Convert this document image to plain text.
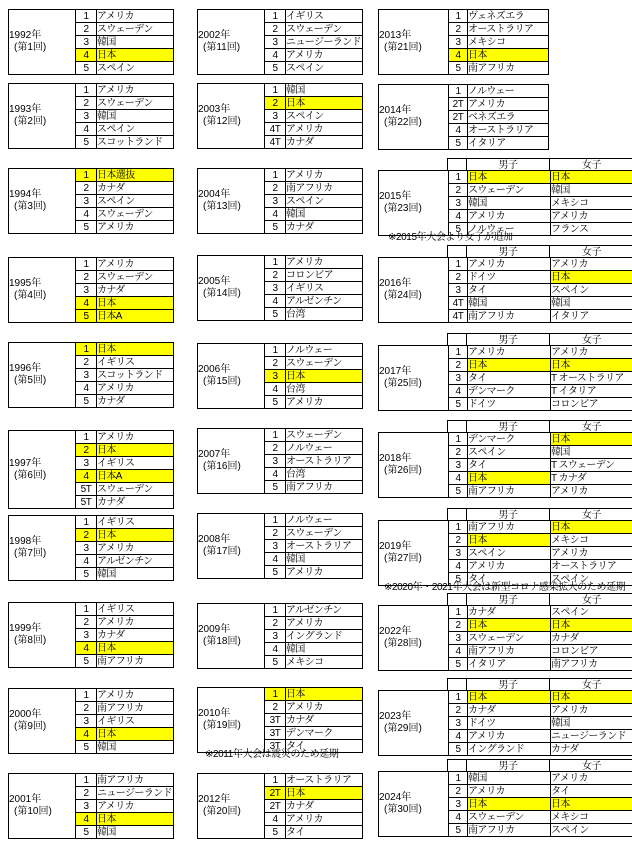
1992年
(第1回)	1	アメリカ
	2	スウェーデン
	3	韓国
	4	日本
	5	スペイン
1993年
(第2回)	1	アメリカ
	2	スウェーデン
	3	韓国
	4	スペイン
	5	スコットランド
1994年
(第3回)	1	日本選抜
	2	カナダ
	3	スペイン
	4	スウェーデン
	5	アメリカ
1995年
(第4回)	1	アメリカ
	2	スウェーデン
	3	カナダ
	4	日本
	5	日本A
1996年
(第5回)	1	日本
	2	イギリス
	3	スコットランド
	4	アメリカ
	5	カナダ
1997年
(第6回)	1	アメリカ
	2	日本
	3	イギリス
	4	日本A
	5T	スウェーデン
	5T	カナダ
1998年
(第7回)	1	イギリス
	2	日本
	3	アメリカ
	4	アルゼンチン
	5	韓国
1999年
(第8回)	1	イギリス
	2	アメリカ
	3	カナダ
	4	日本
	5	南アフリカ
2000年
(第9回)	1	アメリカ
	2	南アフリカ
	3	イギリス
	4	日本
	5	韓国
2001年
(第10回)	1	南アフリカ
	2	ニュージーランド
	3	アメリカ
	4	日本
	5	韓国
2002年
(第11回)	1	イギリス
	2	スウェーデン
	3	ニュージーランド
	4	アメリカ
	5	スペイン
2003年
(第12回)	1	韓国
	2	日本
	3	スペイン
	4T	アメリカ
	4T	カナダ
2004年
(第13回)	1	アメリカ
	2	南アフリカ
	3	スペイン
	4	韓国
	5	カナダ
2005年
(第14回)	1	アメリカ
	2	コロンビア
	3	イギリス
	4	アルゼンチン
	5	台湾
2006年
(第15回)	1	ノルウェー
	2	スウェーデン
	3	日本
	4	台湾
	5	アメリカ
2007年
(第16回)	1	スウェーデン
	2	ノルウェー
	3	オーストラリア
	4	台湾
	5	南アフリカ
2008年
(第17回)	1	ノルウェー
	2	スウェーデン
	3	オーストラリア
	4	韓国
	5	アメリカ
2009年
(第18回)	1	アルゼンチン
	2	アメリカ
	3	イングランド
	4	韓国
	5	メキシコ
2010年
(第19回)	1	日本
	2	アメリカ
	3T	カナダ
	3T	デンマーク
	3T	タイ
※2011年大会は震災のため延期
2012年
(第20回)	1	オーストラリア
	2T	日本
	2T	カナダ
	4	アメリカ
	5	タイ
2013年
(第21回)	1	ヴェネズエラ
	2	オーストラリア
	3	メキシコ
	4	日本
	5	南アフリカ
2014年
(第22回)	1	ノルウェー
	2T	アメリカ
	2T	ベネズエラ
	4	オーストラリア
	5	イタリア
	男子	女子
2015年
(第23回)	1	日本	日本
	2	スウェーデン	韓国
	3	韓国	メキシコ
	4	アメリカ	アメリカ
	5	ノルウェー	フランス
※2015年大会より女子が追加
	男子	女子
2016年
(第24回)	1	アメリカ	アメリカ
	2	ドイツ	日本
	3	タイ	スペイン
	4T	韓国	韓国
	4T	南アフリカ	イタリア
	男子	女子
2017年
(第25回)	1	アメリカ	アメリカ
	2	日本	日本
	3	タイ	T オーストラリア
	4	デンマーク	T イタリア
	5	ドイツ	コロンビア
	男子	女子
2018年
(第26回)	1	デンマーク	日本
	2	スペイン	韓国
	3	タイ	T スウェーデン
	4	日本	T カナダ
	5	南アフリカ	アメリカ
	男子	女子
2019年
(第27回)	1	南アフリカ	日本
	2	日本	メキシコ
	3	スペイン	アメリカ
	4	アメリカ	オーストラリア
	5	タイ	スペイン
※2020年・2021年大会は新型コロナ感染拡大のため延期
	男子	女子
2022年
(第28回)	1	カナダ	スペイン
	2	日本	日本
	3	スウェーデン	カナダ
	4	南アフリカ	コロンビア
	5	イタリア	南アフリカ
	男子	女子
2023年
(第29回)	1	日本	日本
	2	カナダ	アメリカ
	3	ドイツ	韓国
	4	アメリカ	ニュージーランド
	5	イングランド	カナダ
	男子	女子
2024年
(第30回)	1	韓国	アメリカ
	2	アメリカ	タイ
	3	日本	日本
	4	スウェーデン	メキシコ
	5	南アフリカ	スペイン
